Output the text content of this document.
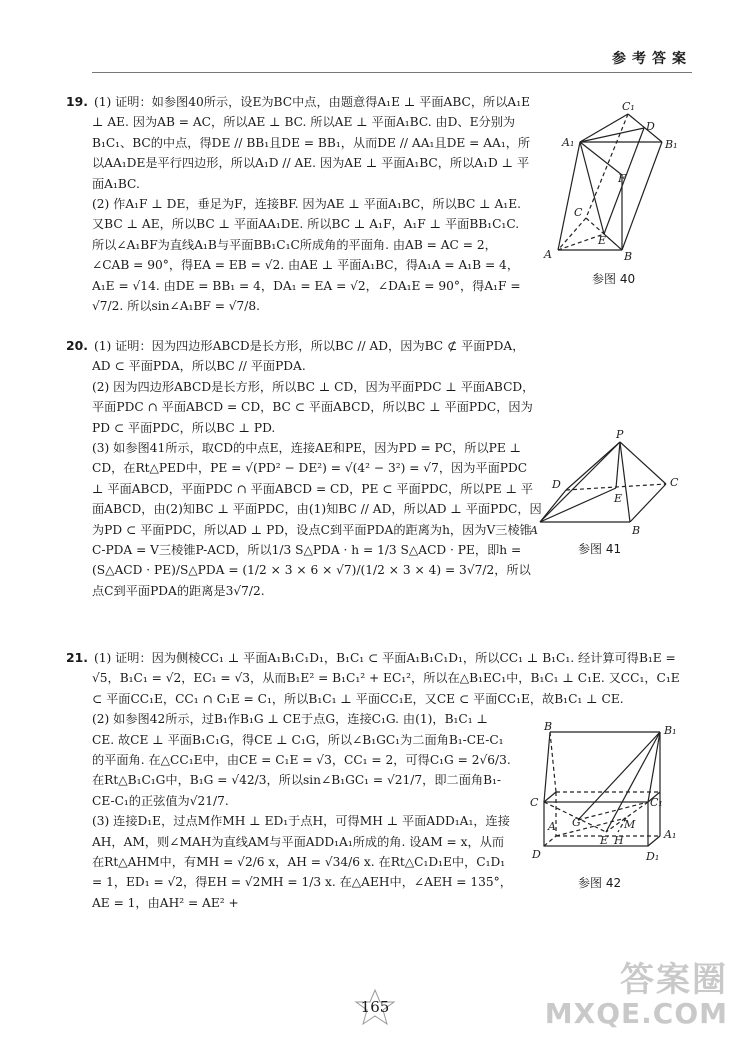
参考答案

19. (1) 证明：如参图40所示，设E为BC中点，由题意得A₁E ⊥ 平面ABC，所以A₁E ⊥ AE. 因为AB = AC，所以AE ⊥ BC. 所以AE ⊥ 平面A₁BC. 由D、E分别为B₁C₁、BC的中点，得DE // BB₁且DE = BB₁，从而DE // AA₁且DE = AA₁，所以AA₁DE是平行四边形，所以A₁D // AE. 因为AE ⊥ 平面A₁BC，所以A₁D ⊥ 平面A₁BC.

(2) 作A₁F ⊥ DE，垂足为F，连接BF. 因为AE ⊥ 平面A₁BC，所以BC ⊥ A₁E. 又BC ⊥ AE，所以BC ⊥ 平面AA₁DE. 所以BC ⊥ A₁F，A₁F ⊥ 平面BB₁C₁C. 所以∠A₁BF为直线A₁B与平面BB₁C₁C所成角的平面角. 由AB = AC = 2，∠CAB = 90°，得EA = EB = √2. 由AE ⊥ 平面A₁BC，得A₁A = A₁B = 4，A₁E = √14. 由DE = BB₁ = 4，DA₁ = EA = √2，∠DA₁E = 90°，得A₁F = √7/2. 所以sin∠A₁BF = √7/8.

C₁
D
A₁	B₁
F
C
E
A	B
参图 40

20. (1) 证明：因为四边形ABCD是长方形，所以BC // AD，因为BC ⊄ 平面PDA，AD ⊂ 平面PDA，所以BC // 平面PDA.

(2) 因为四边形ABCD是长方形，所以BC ⊥ CD，因为平面PDC ⊥ 平面ABCD，平面PDC ∩ 平面ABCD = CD，BC ⊂ 平面ABCD，所以BC ⊥ 平面PDC，因为PD ⊂ 平面PDC，所以BC ⊥ PD.

(3) 如参图41所示，取CD的中点E，连接AE和PE，因为PD = PC，所以PE ⊥ CD，在Rt△PED中，PE = √(PD² − DE²) = √(4² − 3²) = √7，因为平面PDC ⊥ 平面ABCD，平面PDC ∩ 平面ABCD = CD，PE ⊂ 平面PDC，所以PE ⊥ 平面ABCD，由(2)知BC ⊥ 平面PDC，由(1)知BC // AD，所以AD ⊥ 平面PDC，因为PD ⊂ 平面PDC，所以AD ⊥ PD，设点C到平面PDA的距离为h，因为V三棱锥C-PDA = V三棱锥P-ACD，所以1/3 S△PDA · h = 1/3 S△ACD · PE，即h = (S△ACD · PE)/S△PDA = (1/2 × 3 × 6 × √7)/(1/2 × 3 × 4) = 3√7/2，所以点C到平面PDA的距离是3√7/2.

P
D	C
E
A	B
参图 41

21. (1) 证明：因为侧棱CC₁ ⊥ 平面A₁B₁C₁D₁，B₁C₁ ⊂ 平面A₁B₁C₁D₁，所以CC₁ ⊥ B₁C₁. 经计算可得B₁E = √5，B₁C₁ = √2，EC₁ = √3，从而B₁E² = B₁C₁² + EC₁²，所以在△B₁EC₁中，B₁C₁ ⊥ C₁E. 又CC₁，C₁E ⊂ 平面CC₁E，CC₁ ∩ C₁E = C₁，所以B₁C₁ ⊥ 平面CC₁E，又CE ⊂ 平面CC₁E，故B₁C₁ ⊥ CE.

(2) 如参图42所示，过B₁作B₁G ⊥ CE于点G，连接C₁G. 由(1)，B₁C₁ ⊥ CE. 故CE ⊥ 平面B₁C₁G，得CE ⊥ C₁G，所以∠B₁GC₁为二面角B₁-CE-C₁的平面角. 在△CC₁E中，由CE = C₁E = √3，CC₁ = 2，可得C₁G = 2√6/3. 在Rt△B₁C₁G中，B₁G = √42/3，所以sin∠B₁GC₁ = √21/7，即二面角B₁-CE-C₁的正弦值为√21/7.

(3) 连接D₁E，过点M作MH ⊥ ED₁于点H，可得MH ⊥ 平面ADD₁A₁，连接AH，AM，则∠MAH为直线AM与平面ADD₁A₁所成的角. 设AM = x，从而在Rt△AHM中，有MH = √2/6 x，AH = √34/6 x. 在Rt△C₁D₁E中，C₁D₁ = 1，ED₁ = √2，得EH = √2MH = 1/3 x. 在△AEH中，∠AEH = 135°，AE = 1，由AH² = AE² +

B	B₁
C	C₁
A G	M
A₁
E H
D	D₁
参图 42
165
答案圈
MXQE.COM
